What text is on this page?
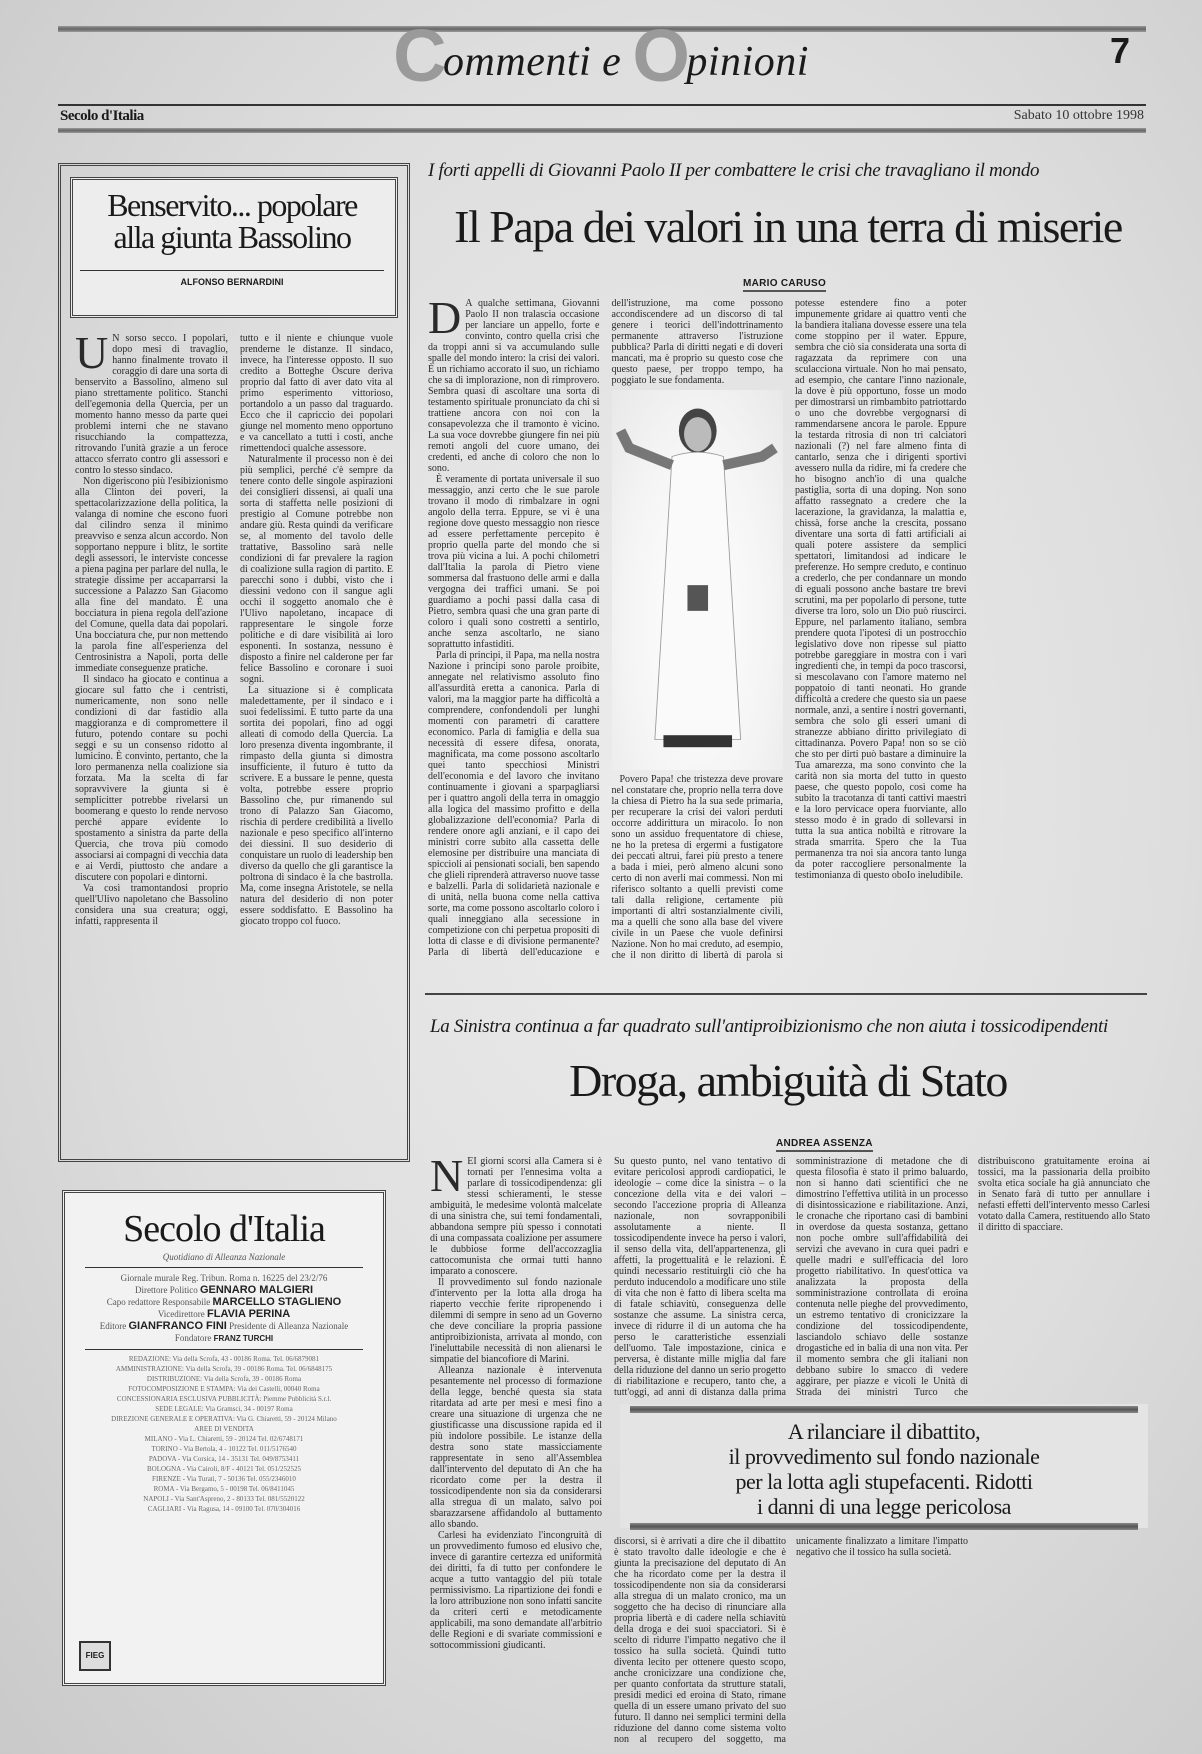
Commenti e Opinioni	7
Secolo d'Italia	Sabato 10 ottobre 1998
Benservito... popolare
alla giunta Bassolino
ALFONSO BERNARDINI
U N sorso secco. I popolari, dopo mesi di travaglio, hanno finalmente trovato il coraggio di dare una sorta di benservito a Bassolino, almeno sul piano strettamente politico. Stanchi dell'egemonia della Quercia, per un momento hanno messo da parte quei problemi interni che ne stavano risucchiando la compattezza, ritrovando l'unità grazie a un feroce attacco sferrato contro gli assessori e contro lo stesso sindaco.

Non digeriscono più l'esibizionismo alla Clinton dei poveri, la spettacolarizzazione della politica, la valanga di nomine che escono fuori dal cilindro senza il minimo preavviso e senza alcun accordo. Non sopportano neppure i blitz, le sortite degli assessori, le interviste concesse a piena pagina per parlare del nulla, le strategie dissime per accaparrarsi la successione a Palazzo San Giacomo alla fine del mandato. È una bocciatura in piena regola dell'azione del Comune, quella data dai popolari. Una bocciatura che, pur non mettendo la parola fine all'esperienza del Centrosinistra a Napoli, porta delle immediate conseguenze pratiche.

Il sindaco ha giocato e continua a giocare sul fatto che i centristi, numericamente, non sono nelle condizioni di dar fastidio alla maggioranza e di compromettere il futuro, potendo contare su pochi seggi e su un consenso ridotto al lumicino. È convinto, pertanto, che la loro permanenza nella coalizione sia forzata. Ma la scelta di far sopravvivere la giunta si è semplicitter potrebbe rivelarsi un boomerang e questo lo rende nervoso perché appare evidente lo spostamento a sinistra da parte della Quercia, che trova più comodo associarsi ai compagni di vecchia data e ai Verdi, piuttosto che andare a discutere con popolari e dintorni.

Va così tramontandosi proprio quell'Ulivo napoletano che Bassolino considera una sua creatura; oggi, infatti, rappresenta il

tutto e il niente e chiunque vuole prenderne le distanze. Il sindaco, invece, ha l'interesse opposto. Il suo credito a Botteghe Oscure deriva proprio dal fatto di aver dato vita al primo esperimento vittorioso, portandolo a un passo dal traguardo. Ecco che il capriccio dei popolari giunge nel momento meno opportuno e va cancellato a tutti i costi, anche rimettendoci qualche assessore.

Naturalmente il processo non è dei più semplici, perché c'è sempre da tenere conto delle singole aspirazioni dei consiglieri dissensi, ai quali una sorta di staffetta nelle posizioni di prestigio al Comune potrebbe non andare giù. Resta quindi da verificare se, al momento del tavolo delle trattative, Bassolino sarà nelle condizioni di far prevalere la ragion di coalizione sulla ragion di partito. E parecchi sono i dubbi, visto che i diessini vedono con il sangue agli occhi il soggetto anomalo che è l'Ulivo napoletano, incapace di rappresentare le singole forze politiche e di dare visibilità ai loro esponenti. In sostanza, nessuno è disposto a finire nel calderone per far felice Bassolino e coronare i suoi sogni.

La situazione si è complicata maledettamente, per il sindaco e i suoi fedelissimi. E tutto parte da una sortita dei popolari, fino ad oggi alleati di comodo della Quercia. La loro presenza diventa ingombrante, il rimpasto della giunta si dimostra insufficiente, il futuro è tutto da scrivere. E a bussare le penne, questa volta, potrebbe essere proprio Bassolino che, pur rimanendo sul trono di Palazzo San Giacomo, rischia di perdere credibilità a livello nazionale e peso specifico all'interno dei diessini. Il suo desiderio di conquistare un ruolo di leadership ben diverso da quello che gli garantisce la poltrona di sindaco è la che bastrolla. Ma, come insegna Aristotele, se nella natura del desiderio di non poter essere soddisfatto. E Bassolino ha giocato troppo col fuoco.

Secolo d'Italia
Quotidiano di Alleanza Nazionale
Giornale murale Reg. Tribun. Roma n. 16225 del 23/2/76
Direttore Politico GENNARO MALGIERI
Capo redattore Responsabile MARCELLO STAGLIENO
Vicedirettore FLAVIA PERINA
Editore GIANFRANCO FINI Presidente di Alleanza Nazionale
Fondatore FRANZ TURCHI
REDAZIONE: Via della Scrofa, 43 - 00186 Roma. Tel. 06/6879081
AMMINISTRAZIONE: Via della Scrofa, 39 - 00186 Roma. Tel. 06/6848175
DISTRIBUZIONE: Via della Scrofa, 39 - 00186 Roma
FOTOCOMPOSIZIONE E STAMPA: Via dei Castelli, 00040 Roma
CONCESSIONARIA ESCLUSIVA PUBBLICITÀ: Piemme Pubblicità S.r.l.
SEDE LEGALE: Via Gramsci, 34 - 00197 Roma
DIREZIONE GENERALE E OPERATIVA: Via G. Chiaretti, 59 - 20124 Milano
AREE DI VENDITA
MILANO - Via L. Chiaretti, 59 - 20124 Tel. 02/6748171
TORINO - Via Bertola, 4 - 10122 Tel. 011/5176540
PADOVA - Via Corsica, 14 - 35131 Tel. 049/8753411
BOLOGNA - Via Cairoli, 8/F - 40121 Tel. 051/252525
FIRENZE - Via Turati, 7 - 50136 Tel. 055/2346010
ROMA - Via Bergamo, 5 - 00198 Tel. 06/8411045
NAPOLI - Via Sant'Aspreno, 2 - 80133 Tel. 081/5520122
CAGLIARI - Via Ragusa, 14 - 09100 Tel. 070/304016
FIEG
I forti appelli di Giovanni Paolo II per combattere le crisi che travagliano il mondo
Il Papa dei valori in una terra di miserie
MARIO CARUSO
D A qualche settimana, Giovanni Paolo II non tralascia occasione per lanciare un appello, forte e convinto, contro quella crisi che da troppi anni si va accumulando sulle spalle del mondo intero: la crisi dei valori. È un richiamo accorato il suo, un richiamo che sa di implorazione, non di rimprovero. Sembra quasi di ascoltare una sorta di testamento spirituale pronunciato da chi si trattiene ancora con noi con la consapevolezza che il tramonto è vicino. La sua voce dovrebbe giungere fin nei più remoti angoli del cuore umano, dei credenti, ed anche di coloro che non lo sono.

È veramente di portata universale il suo messaggio, anzi certo che le sue parole trovano il modo di rimbalzare in ogni angolo della terra. Eppure, se vi è una regione dove questo messaggio non riesce ad essere perfettamente percepito è proprio quella parte del mondo che si trova più vicina a lui. A pochi chilometri dall'Italia la parola di Pietro viene sommersa dal frastuono delle armi e dalla vergogna dei traffici umani. Se poi guardiamo a pochi passi dalla casa di Pietro, sembra quasi che una gran parte di coloro i quali sono costretti a sentirlo, anche senza ascoltarlo, ne siano soprattutto infastiditi.

Parla di principi, il Papa, ma nella nostra Nazione i principi sono parole proibite, annegate nel relativismo assoluto fino all'assurdità eretta a canonica. Parla di valori, ma la maggior parte ha difficoltà a comprendere, confondendoli per lunghi momenti con parametri di carattere economico. Parla di famiglia e della sua necessità di essere difesa, onorata, magnificata, ma come possono ascoltarlo quei tanto specchiosi Ministri dell'economia e del lavoro che invitano continuamente i giovani a sparpagliarsi per i quattro angoli della terra in omaggio alla logica del massimo profitto e della globalizzazione dell'economia? Parla di rendere onore agli anziani, e il capo dei ministri corre subito alla cassetta delle elemosine per distribuire una manciata di spiccioli ai pensionati sociali, ben sapendo che glieli riprenderà attraverso nuove tasse e balzelli. Parla di solidarietà nazionale e di unità, nella buona come nella cattiva sorte, ma come possono ascoltarlo coloro i quali inneggiano alla secessione in competizione con chi perpetua propositi di lotta di classe e di divisione permanente? Parla di libertà dell'educazione e dell'istruzione, ma come possono accondiscendere ad un discorso di tal genere i teorici dell'indottrinamento permanente attraverso l'istruzione pubblica? Parla di diritti negati e di doveri mancati, ma è proprio su questo cose che questo paese, per troppo tempo, ha poggiato le sue fondamenta.

Povero Papa! che tristezza deve provare nel constatare che, proprio nella terra dove la chiesa di Pietro ha la sua sede primaria, per recuperare la crisi dei valori perduti occorre addirittura un miracolo. Io non sono un assiduo frequentatore di chiese, ne ho la pretesa di ergermi a fustigatore dei peccati altrui, farei più presto a tenere a bada i miei, però almeno alcuni sono certo di non averli mai commessi. Non mi riferisco soltanto a quelli previsti come tali dalla religione, certamente più importanti di altri sostanzialmente civili, ma a quelli che sono alla base del vivere civile in un Paese che vuole definirsi Nazione. Non ho mai creduto, ad esempio, che il non diritto di libertà di parola si potesse estendere fino a poter impunemente gridare ai quattro venti che la bandiera italiana dovesse essere una tela come stoppino per il water. Eppure, sembra che ciò sia considerata una sorta di ragazzata da reprimere con una sculacciona virtuale. Non ho mai pensato, ad esempio, che cantare l'inno nazionale, la dove è più opportuno, fosse un modo per dimostrarsi un rimbambito patriottardo o uno che dovrebbe vergognarsi di rammendarsene ancora le parole. Eppure la testarda ritrosia di non tri calciatori nazionali (?) nel fare almeno finta di cantarlo, senza che i dirigenti sportivi avessero nulla da ridire, mi fa credere che ho bisogno anch'io di una qualche pastiglia, sorta di una doping. Non sono affatto rassegnato a credere che la lacerazione, la gravidanza, la malattia e, chissà, forse anche la crescita, possano diventare una sorta di fatti artificiali ai quali potere assistere da semplici spettatori, limitandosi ad indicare le preferenze. Ho sempre creduto, e continuo a crederlo, che per condannare un mondo di eguali possono anche bastare tre brevi scrutini, ma per popolarlo di persone, tutte diverse tra loro, solo un Dio può riuscirci. Eppure, nel parlamento italiano, sembra prendere quota l'ipotesi di un postrocchio legislativo dove non ripesse sul piatto potrebbe gareggiare in mostra con i vari ingredienti che, in tempi da poco trascorsi, si mescolavano con l'amore materno nel poppatoio di tanti neonati. Ho grande difficoltà a credere che questo sia un paese normale, anzi, a sentire i nostri governanti, sembra che solo gli esseri umani di stranezze abbiano diritto privilegiato di cittadinanza. Povero Papa! non so se ciò che sto per dirti può bastare a diminuire la Tua amarezza, ma sono convinto che la carità non sia morta del tutto in questo paese, che questo popolo, così come ha subito la tracotanza di tanti cattivi maestri e la loro pervicace opera fuorviante, allo stesso modo è in grado di sollevarsi in tutta la sua antica nobiltà e ritrovare la strada smarrita. Spero che la Tua permanenza tra noi sia ancora tanto lunga da poter raccogliere personalmente la testimonianza di questo oboIo ineludibile.

La Sinistra continua a far quadrato sull'antiproibizionismo che non aiuta i tossicodipendenti
Droga, ambiguità di Stato
ANDREA ASSENZA
N EI giorni scorsi alla Camera si è tornati per l'ennesima volta a parlare di tossicodipendenza: gli stessi schieramenti, le stesse ambiguità, le medesime volontà malcelate di una sinistra che, sui temi fondamentali, abbandona sempre più spesso i connotati di una compassata coalizione per assumere le dubbiose forme dell'accozzaglia cattocomunista che ormai tutti hanno imparato a conoscere.

Il provvedimento sul fondo nazionale d'intervento per la lotta alla droga ha riaperto vecchie ferite ripropenendo i dilemmi di sempre in seno ad un Governo che deve conciliare la propria passione antiproibizionista, arrivata al mondo, con l'ineluttabile necessità di non alienarsi le simpatie del biancofiore di Marini.

Alleanza nazionale è intervenuta pesantemente nel processo di formazione della legge, benché questa sia stata ritardata ad arte per mesi e mesi fino a creare una situazione di urgenza che ne giustificasse una discussione rapida ed il più indolore possibile. Le istanze della destra sono state massicciamente rappresentate in seno all'Assemblea dall'intervento del deputato di An che ha ricordato come per la destra il tossicodipendente non sia da considerarsi alla stregua di un malato, salvo poi sbarazzarsene affidandolo al buttamento allo sbando.

Carlesi ha evidenziato l'incongruità di un provvedimento fumoso ed elusivo che, invece di garantire certezza ed uniformità dei diritti, fa di tutto per confondere le acque a tutto vantaggio del più totale permissivismo. La ripartizione dei fondi e la loro attribuzione non sono infatti sancite da criteri certi e metodicamente applicabili, ma sono demandate all'arbitrio delle Regioni e di svariate commissioni e sottocommissioni giudicanti.

Su questo punto, nel vano tentativo di evitare pericolosi approdi cardiopatici, le ideologie – come dice la sinistra – o la concezione della vita e dei valori – secondo l'accezione propria di Alleanza nazionale, non sovrapponibili assolutamente a niente. Il tossicodipendente invece ha perso i valori, il senso della vita, dell'appartenenza, gli affetti, la progettualità e le relazioni. È quindi necessario restituirgli ciò che ha perduto inducendolo a modificare uno stile di vita che non è fatto di libera scelta ma di fatale schiavitù, conseguenza delle sostanze che assume. La sinistra cerca, invece di ridurre il di un automa che ha perso le caratteristiche essenziali dell'uomo. Tale impostazione, cinica e perversa, è distante mille miglia dal fare della riduzione del danno un serio progetto di riabilitazione e recupero, tanto che, a tutt'oggi, ad anni di distanza dalla prima somministrazione di metadone che di questa filosofia è stato il primo baluardo, non si hanno dati scientifici che ne dimostrino l'effettiva utilità in un processo di disintossicazione e riabilitazione. Anzi, le cronache che riportano casi di bambini in overdose da questa sostanza, gettano non poche ombre sull'affidabilità dei servizi che avevano in cura quei padri e quelle madri e sull'efficacia del loro progetto riabilitativo. In quest'ottica va analizzata la proposta della somministrazione controllata di eroina contenuta nelle pieghe del provvedimento, un estremo tentativo di cronicizzare la condizione del tossicodipendente, lasciandolo schiavo delle sostanze drogastiche ed in balia di una non vita. Per il momento sembra che gli italiani non debbano subire lo smacco di vedere aggirare, per piazze e vicoli le Unità di Strada dei ministri Turco che distribuiscono gratuitamente eroina ai tossici, ma la passionaria della proibito svolta etica sociale ha già annunciato che in Senato farà di tutto per annullare i nefasti effetti dell'intervento messo Carlesi votato dalla Camera, restituendo allo Stato il diritto di spacciare.

A rilanciare il dibattito,
il provvedimento sul fondo nazionale
per la lotta agli stupefacenti. Ridotti
i danni di una legge pericolosa

discorsi, si è arrivati a dire che il dibattito è stato travolto dalle ideologie e che è giunta la precisazione del deputato di An che ha ricordato come per la destra il tossicodipendente non sia da considerarsi alla stregua di un malato cronico, ma un soggetto che ha deciso di rinunciare alla propria libertà e di cadere nella schiavitù della droga e dei suoi spacciatori. Si è scelto di ridurre l'impatto negativo che il tossico ha sulla società. Quindi tutto diventa lecito per ottenere questo scopo, anche cronicizzare una condizione che, per quanto confortata da strutture statali, presidi medici ed eroina di Stato, rimane quella di un essere umano privato del suo futuro. Il danno nei semplici termini della riduzione del danno come sistema volto non al recupero del soggetto, ma unicamente finalizzato a limitare l'impatto negativo che il tossico ha sulla società.
